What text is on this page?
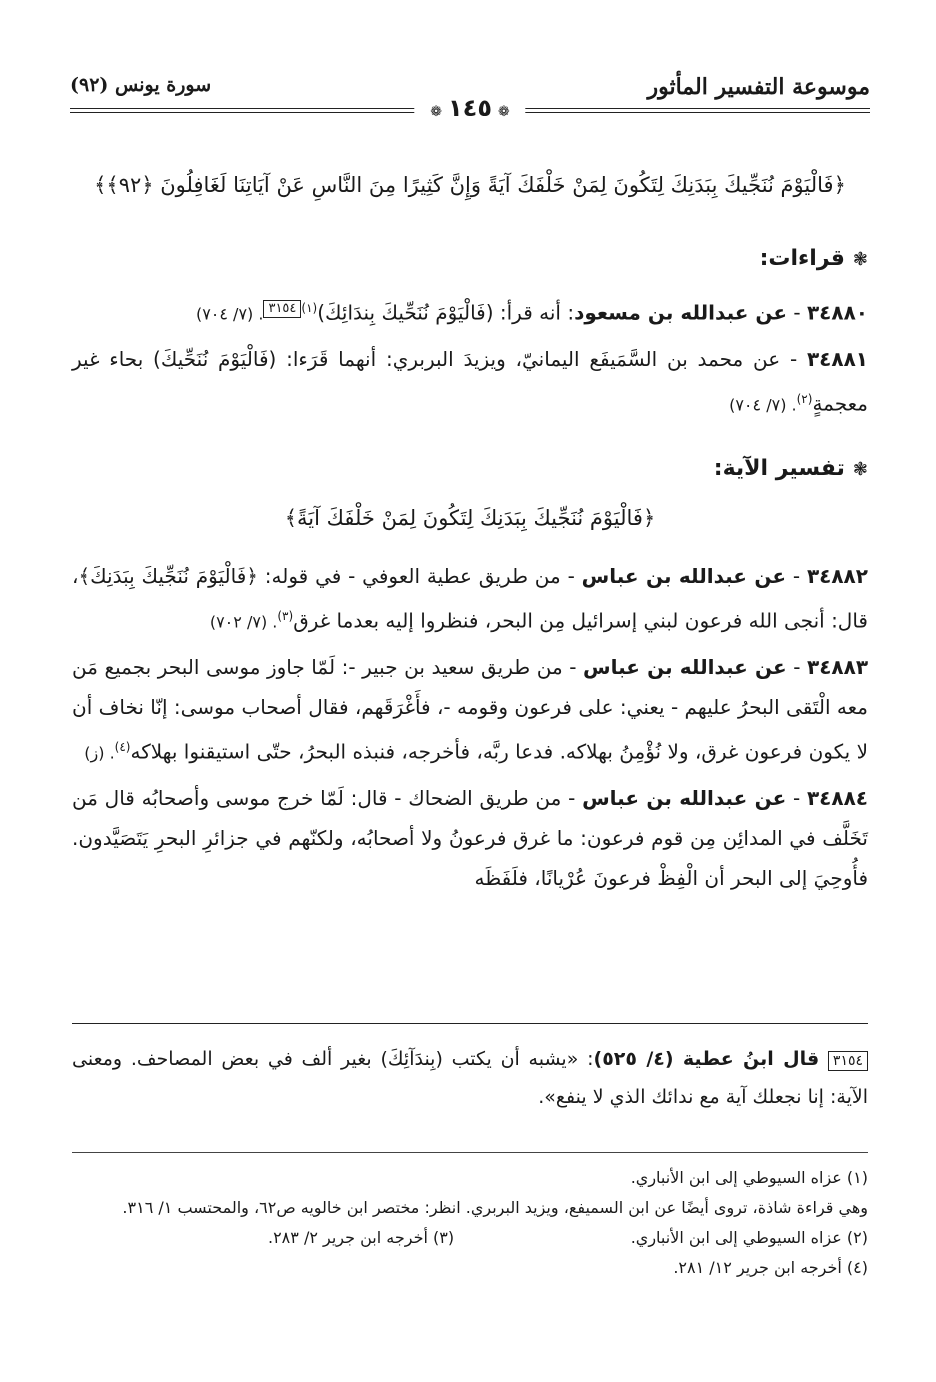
موسوعة التفسير المأثور
سورة يونس (٩٢)
❁١٤٥❁

﴿فَالْيَوْمَ نُنَجِّيكَ بِبَدَنِكَ لِتَكُونَ لِمَنْ خَلْفَكَ آيَةً وَإِنَّ كَثِيرًا مِنَ النَّاسِ عَنْ آيَاتِنَا لَغَافِلُونَ ﴿٩٢﴾﴾

❃قراءات:

٣٤٨٨٠ - عن عبدالله بن مسعود: أنه قرأ: (فَالْيَوْمَ نُنَحِّيكَ بِندَائِكَ)$^{(١)}$٣١٥٤. (٧/ ٧٠٤)

٣٤٨٨١ - عن محمد بن السَّمَيفَع اليمانيّ، ويزيدَ البربري: أنهما قَرَءا: (فَالْيَوْمَ نُنَحِّيكَ) بحاء غير معجمةٍ$^{(٢)}$. (٧/ ٧٠٤)

❃تفسير الآية:

﴿فَالْيَوْمَ نُنَجِّيكَ بِبَدَنِكَ لِتَكُونَ لِمَنْ خَلْفَكَ آيَةً﴾

٣٤٨٨٢ - عن عبدالله بن عباس - من طريق عطية العوفي - في قوله: ﴿فَالْيَوْمَ نُنَجِّيكَ بِبَدَنِكَ﴾، قال: أنجى الله فرعون لبني إسرائيل مِن البحر، فنظروا إليه بعدما غرق$^{(٣)}$. (٧/ ٧٠٢)

٣٤٨٨٣ - عن عبدالله بن عباس - من طريق سعيد بن جبير -: لَمّا جاوز موسى البحر بجميع مَن معه الْتَقى البحرُ عليهم - يعني: على فرعون وقومه -، فأَغْرَقَهم، فقال أصحاب موسى: إنّا نخاف أن لا يكون فرعون غرق، ولا نُؤْمِنُ بهلاكه. فدعا ربَّه، فأخرجه، فنبذه البحرُ، حتّى استيقنوا بهلاكه$^{(٤)}$. (ز)

٣٤٨٨٤ - عن عبدالله بن عباس - من طريق الضحاك - قال: لَمّا خرج موسى وأصحابُه قال مَن تَخَلَّف في المدائِن مِن قوم فرعون: ما غرق فرعونُ ولا أصحابُه، ولكنّهم في جزائرِ البحرِ يَتَصَيَّدون. فأُوحِيَ إلى البحر أن الْفِظْ فرعونَ عُرْيانًا، فلَفَظَه

٣١٥٤ قال ابنُ عطية (٤/ ٥٢٥): «يشبه أن يكتب (بِندَآئِكَ) بغير ألف في بعض المصاحف. ومعنى الآية: إنا نجعلك آية مع ندائك الذي لا ينفع».

(١) عزاه السيوطي إلى ابن الأنباري.

وهي قراءة شاذة، تروى أيضًا عن ابن السميفع، ويزيد البربري. انظر: مختصر ابن خالويه ص٦٢، والمحتسب ١/ ٣١٦.

(٢) عزاه السيوطي إلى ابن الأنباري.

(٣) أخرجه ابن جرير ٢/ ٢٨٣.

(٤) أخرجه ابن جرير ١٢/ ٢٨١.
